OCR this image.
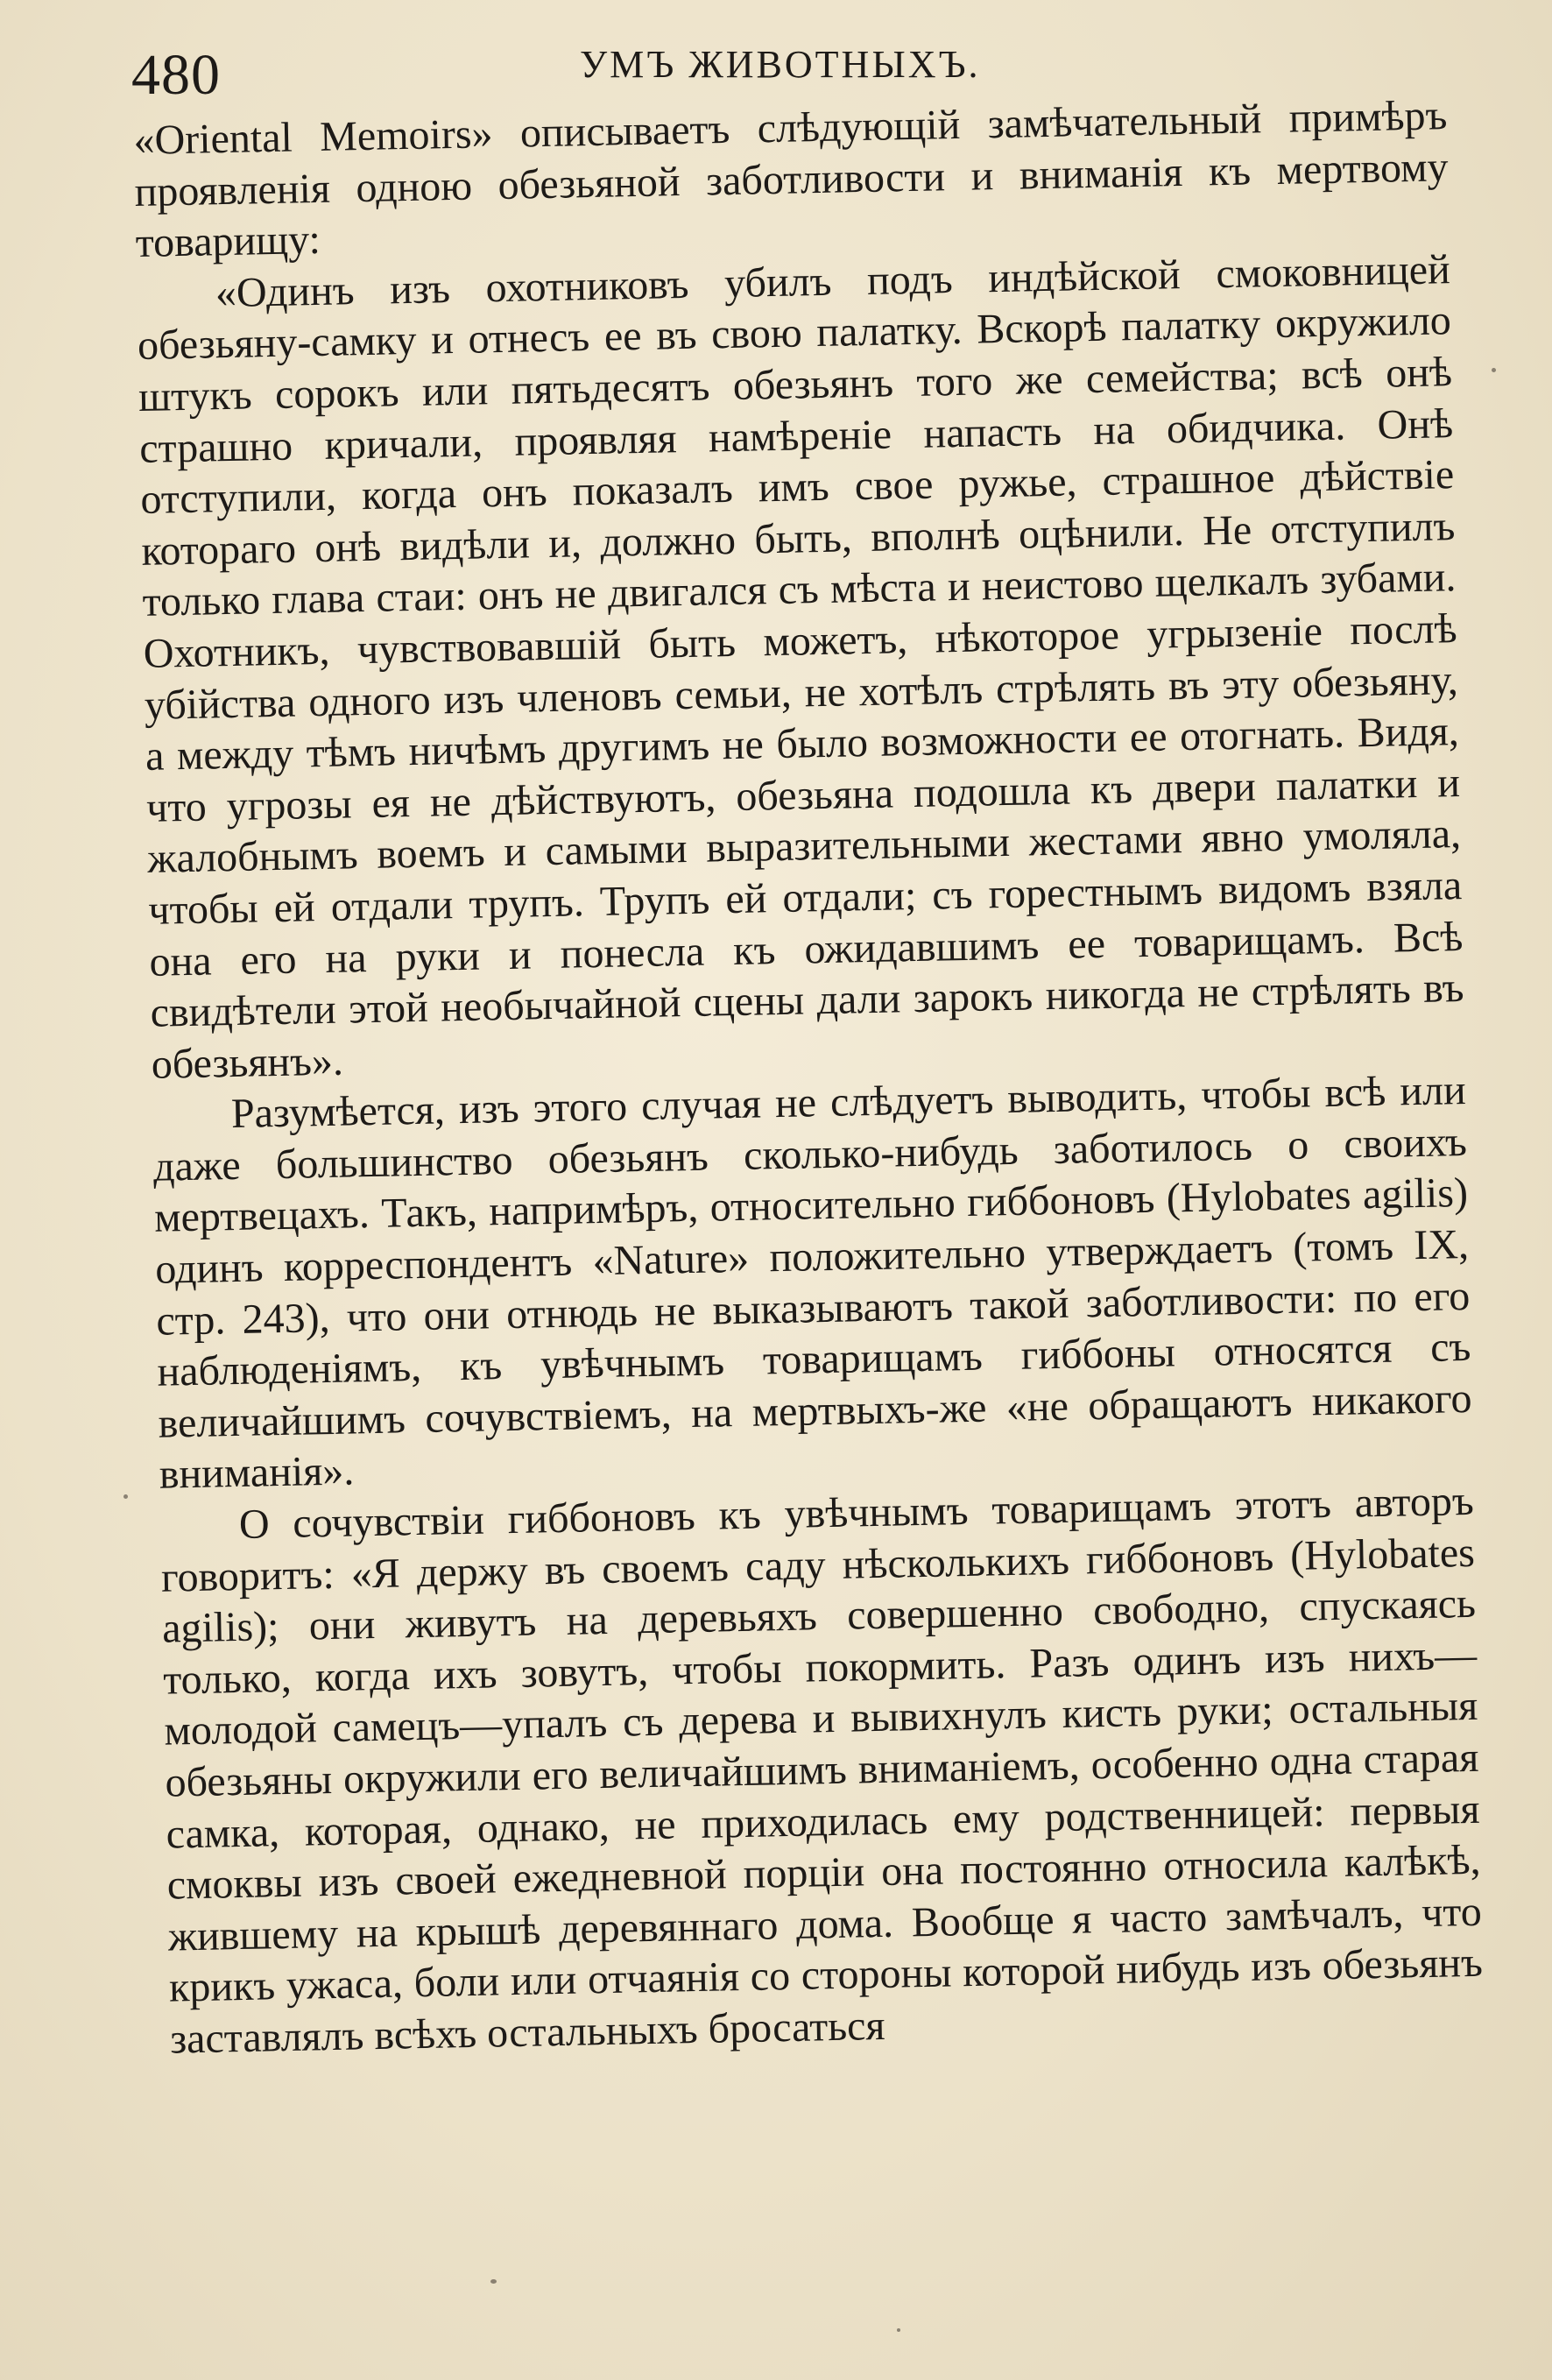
480	УМЪ ЖИВОТНЫХЪ.

«Oriental Memoirs» описываетъ слѣдующій замѣчательный примѣръ проявленія одною обезьяной заботливости и вниманія къ мертвому товарищу:

«Одинъ изъ охотниковъ убилъ подъ индѣйской смоковницей обезьяну-самку и отнесъ ее въ свою палатку. Вскорѣ палатку окружило штукъ сорокъ или пятьдесятъ обезьянъ того же семейства; всѣ онѣ страшно кричали, проявляя намѣреніе напасть на обидчика. Онѣ отступили, когда онъ показалъ имъ свое ружье, страшное дѣйствіе котораго онѣ видѣли и, должно быть, вполнѣ оцѣнили. Не отступилъ только глава стаи: онъ не двигался съ мѣста и неистово щелкалъ зубами. Охотникъ, чувствовавшій быть можетъ, нѣкоторое угрызеніе послѣ убійства одного изъ членовъ семьи, не хотѣлъ стрѣлять въ эту обезьяну, а между тѣмъ ничѣмъ другимъ не было возможности ее отогнать. Видя, что угрозы ея не дѣйствуютъ, обезьяна подошла къ двери палатки и жалобнымъ воемъ и самыми выразительными жестами явно умоляла, чтобы ей отдали трупъ. Трупъ ей отдали; съ горестнымъ видомъ взяла она его на руки и понесла къ ожидавшимъ ее товарищамъ. Всѣ свидѣтели этой необычайной сцены дали зарокъ никогда не стрѣлять въ обезьянъ».

Разумѣется, изъ этого случая не слѣдуетъ выводить, чтобы всѣ или даже большинство обезьянъ сколько-нибудь заботилось о своихъ мертвецахъ. Такъ, напримѣръ, относительно гиббоновъ (Hylobates agilis) одинъ корреспондентъ «Nature» положительно утверждаетъ (томъ IX, стр. 243), что они отнюдь не выказываютъ такой заботливости: по его наблюденіямъ, къ увѣчнымъ товарищамъ гиббоны относятся съ величайшимъ сочувствіемъ, на мертвыхъ-же «не обращаютъ никакого вниманія».

О сочувствіи гиббоновъ къ увѣчнымъ товарищамъ этотъ авторъ говоритъ: «Я держу въ своемъ саду нѣсколькихъ гиббоновъ (Hylobates agilis); они живутъ на деревьяхъ совершенно свободно, спускаясь только, когда ихъ зовутъ, чтобы покормить. Разъ одинъ изъ нихъ—молодой самецъ—упалъ съ дерева и вывихнулъ кисть руки; остальныя обезьяны окружили его величайшимъ вниманіемъ, особенно одна старая самка, которая, однако, не приходилась ему родственницей: первыя смоквы изъ своей ежедневной порціи она постоянно относила калѣкѣ, жившему на крышѣ деревяннаго дома. Вообще я часто замѣчалъ, что крикъ ужаса, боли или отчаянія со стороны которой нибудь изъ обезьянъ заставлялъ всѣхъ остальныхъ бросаться
